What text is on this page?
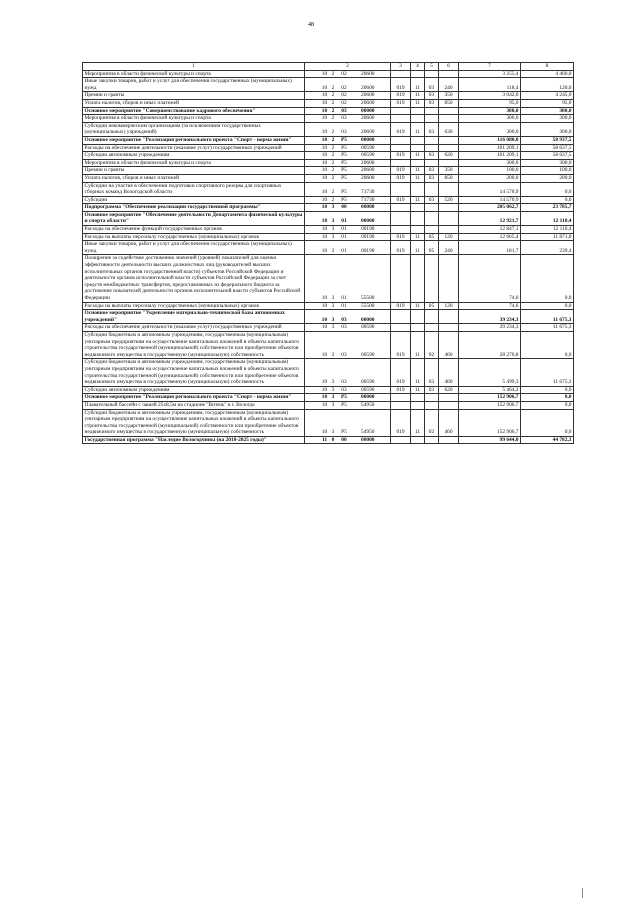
48
1	2	3	4	5	6	7	8
Мероприятия в области физической культуры и спорта	10 2 02 20600					3 255,4	4 460,0
Иные закупки товаров, работ и услуг для обеспечения государственных (муниципальных) нужд	10 2 02 20600	019	11	03	240	118,4	120,0
Премии и гранты	10 2 02 20600	019	11	03	350	3 042,0	4 245,0
Уплата налогов, сборов и иных платежей	10 2 02 20600	019	11	03	850	95,0	95,0
Основное мероприятие "Совершенствование кадрового обеспечения"	10 2 03 00000					300,0	300,0
Мероприятия в области физической культуры и спорта	10 2 03 20600					300,0	300,0
Субсидии некоммерческим организациям (за исключением государственных (муниципальных) учреждений)	10 2 03 20600	019	11	03	630	300,0	300,0
Основное мероприятие "Реализация регионального проекта "Спорт - норма жизни"	10 2 P5 00000					116 080,0	58 937,5
Расходы на обеспечение деятельности (оказание услуг) государственных учреждений	10 2 P5 00590					101 209,1	58 637,5
Субсидии автономным учреждениям	10 2 P5 00590	019	11	03	620	101 209,1	58 637,5
Мероприятия в области физической культуры и спорта	10 2 P5 20600					300,0	300,0
Премии и гранты	10 2 P5 20600	019	11	03	350	100,0	100,0
Уплата налогов, сборов и иных платежей	10 2 P5 20600	019	11	03	850	200,0	200,0
Субсидии на участие в обеспечении подготовки спортивного резерва для спортивных сборных команд Вологодской области	10 2 P5 71730					14 570,9	0,0
Субсидии	10 2 P5 71730	019	11	03	520	14 570,9	0,0
Подпрограмма "Обеспечение реализации государственной программы"	10 3 00 00000					205 062,7	23 785,7
Основное мероприятие "Обеспечение деятельности Департамента физической культуры и спорта области"	10 3 01 00000					12 921,7	12 110,4
Расходы на обеспечение функций государственных органов	10 3 01 00190					12 847,1	12 110,4
Расходы на выплаты персоналу государственных (муниципальных) органов	10 3 01 00190	019	11	05	120	12 665,4	11 871,0
Иные закупки товаров, работ и услуг для обеспечения государственных (муниципальных) нужд	10 3 01 00190	019	11	05	240	181,7	239,4
Поощрение за содействие достижению значений (уровней) показателей для оценки эффективности деятельности высших должностных лиц (руководителей высших исполнительных органов государственной власти) субъектов Российской Федерации и деятельности органов исполнительной власти субъектов Российской Федерации за счет средств межбюджетных трансфертов, предоставляемых из федерального бюджета за достижение показателей деятельности органов исполнительной власти субъектов Российской Федерации	10 3 01 55500					74,6	0,0
Расходы на выплаты персоналу государственных (муниципальных) органов	10 3 01 55500	019	11	05	120	74,6	0,0
Основное мероприятие "Укрепление материально-технической базы автономных учреждений"	10 3 03 00000					39 234,3	11 675,3
Расходы на обеспечение деятельности (оказание услуг) государственных учреждений	10 3 03 00590					39 234,3	11 675,3
Субсидии бюджетным и автономным учреждениям, государственным (муниципальным) унитарным предприятиям на осуществление капитальных вложений в объекты капитального строительства государственной (муниципальной) собственности или приобретение объектов недвижимого имущества в государственную (муниципальную) собственность	10 3 03 00590	019	11	02	460	28 270,8	0,0
Субсидии бюджетным и автономным учреждениям, государственным (муниципальным) унитарным предприятиям на осуществление капитальных вложений в объекты капитального строительства государственной (муниципальной) собственности или приобретение объектов недвижимого имущества в государственную (муниципальную) собственность	10 3 03 00590	019	11	03	460	5 499,3	11 675,3
Субсидии автономным учреждениям	10 3 03 00590	019	11	03	620	5 464,2	0,0
Основное мероприятие "Реализация регионального проекта "Спорт - норма жизни"	10 3 P5 00000					152 906,7	0,0
Плавательный бассейн с чашей 25х8,5м на стадионе "Витязь" в г. Вологде	10 3 P5 54950					152 906,7	0,0
Субсидии бюджетным и автономным учреждениям, государственным (муниципальным) унитарным предприятиям на осуществление капитальных вложений в объекты капитального строительства государственной (муниципальной) собственности или приобретение объектов недвижимого имущества в государственную (муниципальную) собственность	10 3 P5 54950	019	11	02	460	152 906,7	0,0
Государственная программа "Наследие Вологодчины (на 2018-2025 годы)"	11 0 00 00000					99 644,0	44 782,3
